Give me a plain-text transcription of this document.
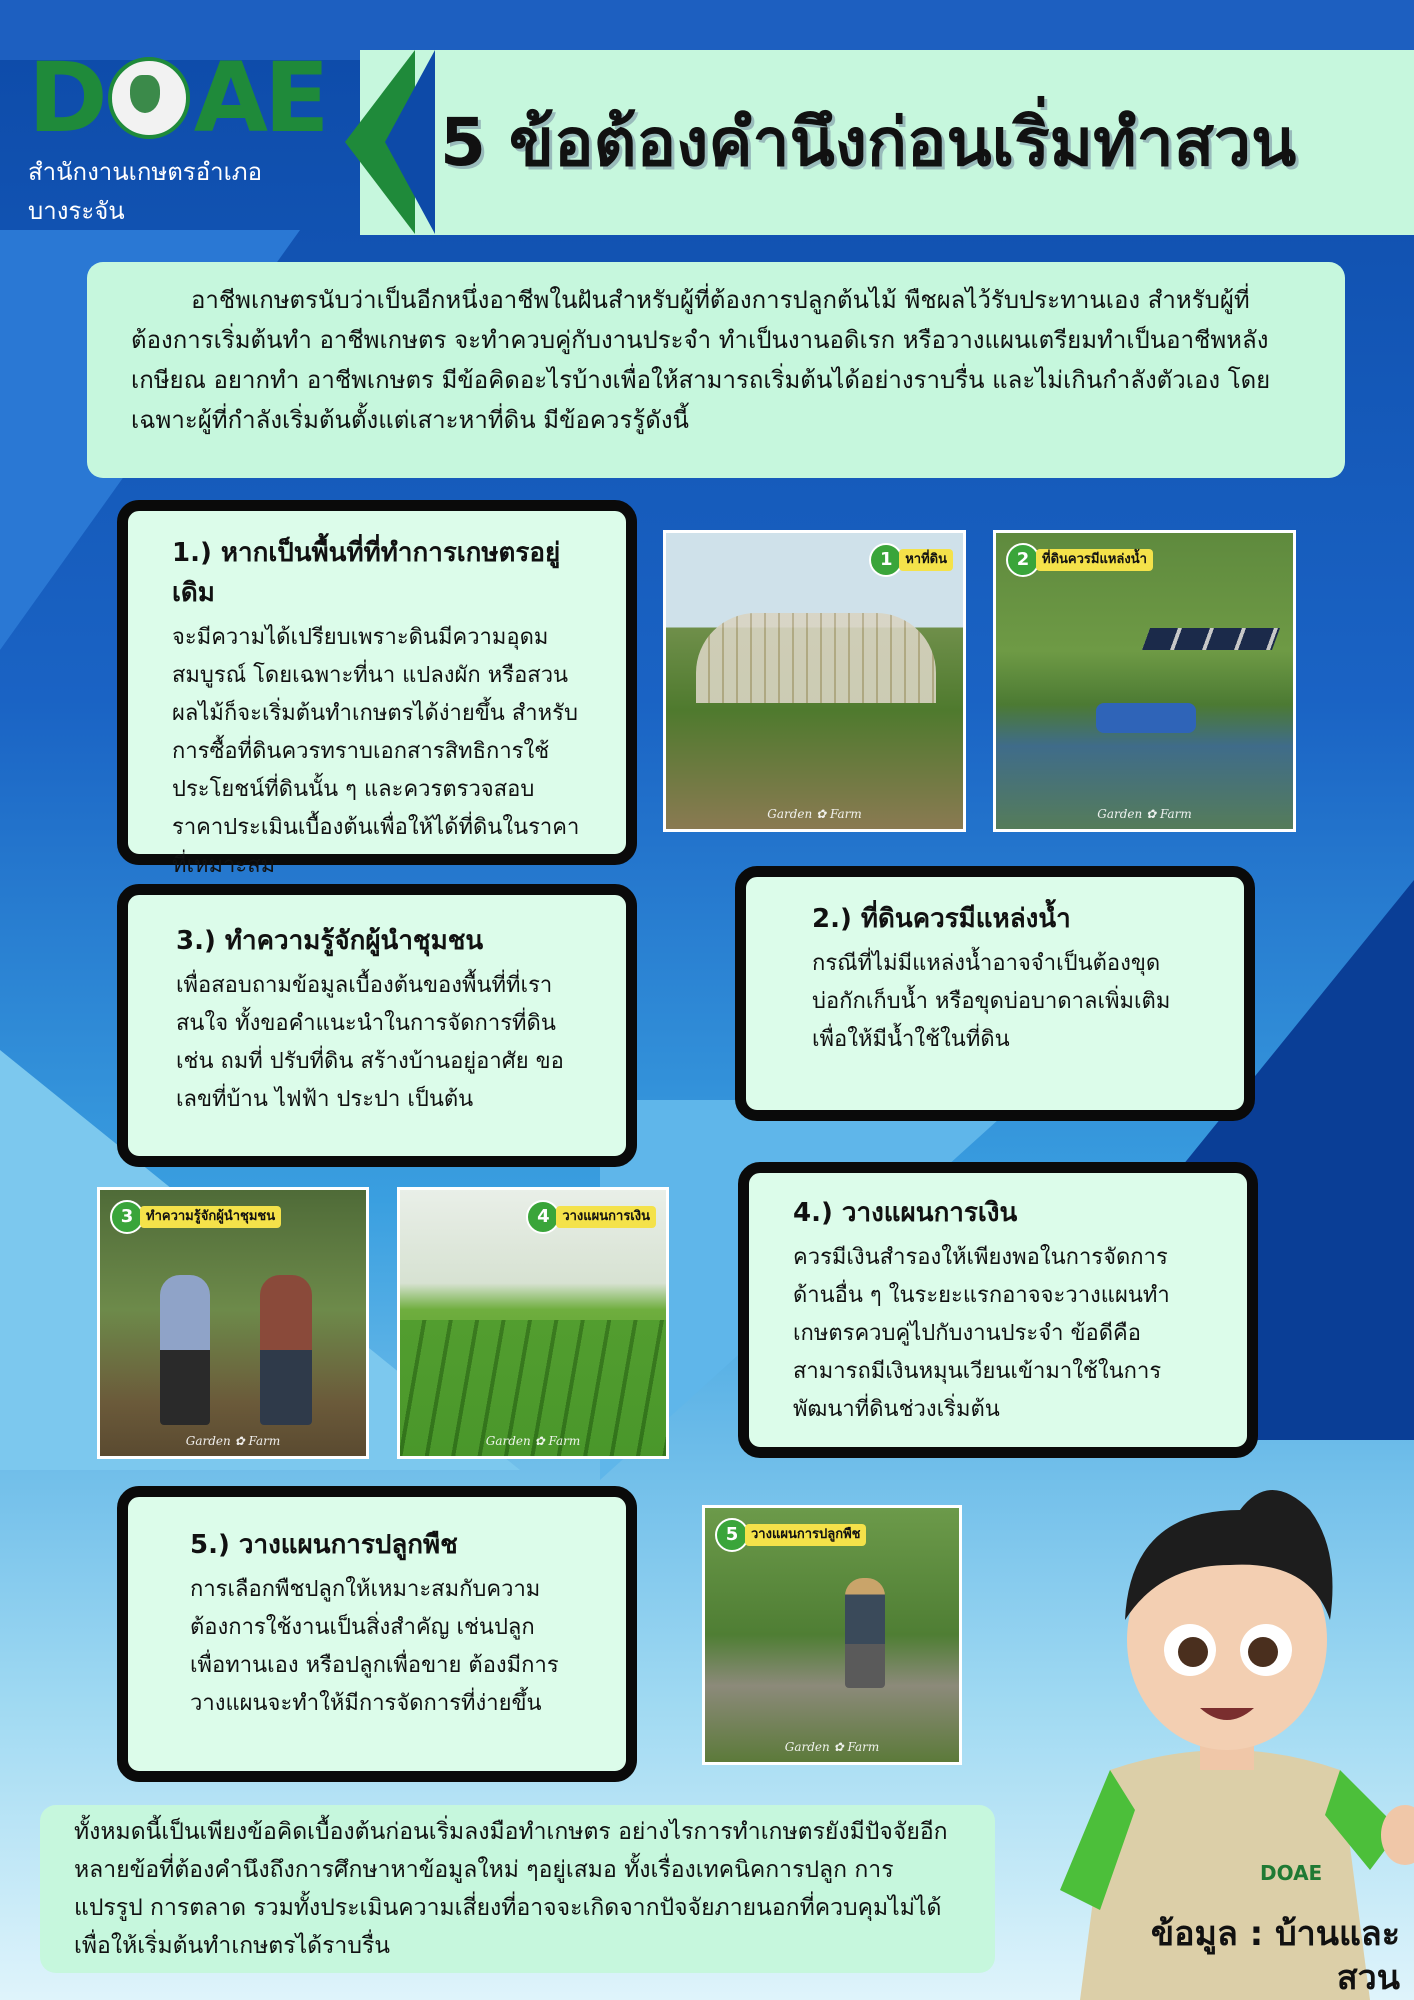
D AE
สำนักงานเกษตรอำเภอบางระจัน
5 ข้อต้องคำนึงก่อนเริ่มทำสวน

อาชีพเกษตรนับว่าเป็นอีกหนึ่งอาชีพในฝันสำหรับผู้ที่ต้องการปลูกต้นไม้ พืชผลไว้รับประทานเอง สำหรับผู้ที่ต้องการเริ่มต้นทำ อาชีพเกษตร จะทำควบคู่กับงานประจำ ทำเป็นงานอดิเรก หรือวางแผนเตรียมทำเป็นอาชีพหลังเกษียณ อยากทำ อาชีพเกษตร มีข้อคิดอะไรบ้างเพื่อให้สามารถเริ่มต้นได้อย่างราบรื่น และไม่เกินกำลังตัวเอง โดยเฉพาะผู้ที่กำลังเริ่มต้นตั้งแต่เสาะหาที่ดิน มีข้อควรรู้ดังนี้

1.) หากเป็นพื้นที่ที่ทำการเกษตรอยู่เดิม

จะมีความได้เปรียบเพราะดินมีความอุดมสมบูรณ์ โดยเฉพาะที่นา แปลงผัก หรือสวนผลไม้ก็จะเริ่มต้นทำเกษตรได้ง่ายขึ้น สำหรับการซื้อที่ดินควรทราบเอกสารสิทธิการใช้ประโยชน์ที่ดินนั้น ๆ และควรตรวจสอบราคาประเมินเบื้องต้นเพื่อให้ได้ที่ดินในราคาที่เหมาะสม

2.) ที่ดินควรมีแหล่งน้ำ

กรณีที่ไม่มีแหล่งน้ำอาจจำเป็นต้องขุดบ่อกักเก็บน้ำ หรือขุดบ่อบาดาลเพิ่มเติมเพื่อให้มีน้ำใช้ในที่ดิน

3.) ทำความรู้จักผู้นำชุมชน

เพื่อสอบถามข้อมูลเบื้องต้นของพื้นที่ที่เราสนใจ ทั้งขอคำแนะนำในการจัดการที่ดิน เช่น ถมที่ ปรับที่ดิน สร้างบ้านอยู่อาศัย ขอเลขที่บ้าน ไฟฟ้า ประปา เป็นต้น

4.) วางแผนการเงิน

ควรมีเงินสำรองให้เพียงพอในการจัดการด้านอื่น ๆ ในระยะแรกอาจจะวางแผนทำเกษตรควบคู่ไปกับงานประจำ ข้อดีคือสามารถมีเงินหมุนเวียนเข้ามาใช้ในการพัฒนาที่ดินช่วงเริ่มต้น

5.) วางแผนการปลูกพืช

การเลือกพืชปลูกให้เหมาะสมกับความต้องการใช้งานเป็นสิ่งสำคัญ เช่นปลูกเพื่อทานเอง หรือปลูกเพื่อขาย ต้องมีการวางแผนจะทำให้มีการจัดการที่ง่ายขึ้น

1 หาที่ดิน
Garden ✿ Farm
2 ที่ดินควรมีแหล่งน้ำ
Garden ✿ Farm
3 ทำความรู้จักผู้นำชุมชน
Garden ✿ Farm
4 วางแผนการเงิน
Garden ✿ Farm
5 วางแผนการปลูกพืช
Garden ✿ Farm
DOAE

ทั้งหมดนี้เป็นเพียงข้อคิดเบื้องต้นก่อนเริ่มลงมือทำเกษตร อย่างไรการทำเกษตรยังมีปัจจัยอีกหลายข้อที่ต้องคำนึงถึงการศึกษาหาข้อมูลใหม่ ๆอยู่เสมอ ทั้งเรื่องเทคนิคการปลูก การแปรรูป การตลาด รวมทั้งประเมินความเสี่ยงที่อาจจะเกิดจากปัจจัยภายนอกที่ควบคุมไม่ได้ เพื่อให้เริ่มต้นทำเกษตรได้ราบรื่น	ข้อมูล : บ้านและสวน
